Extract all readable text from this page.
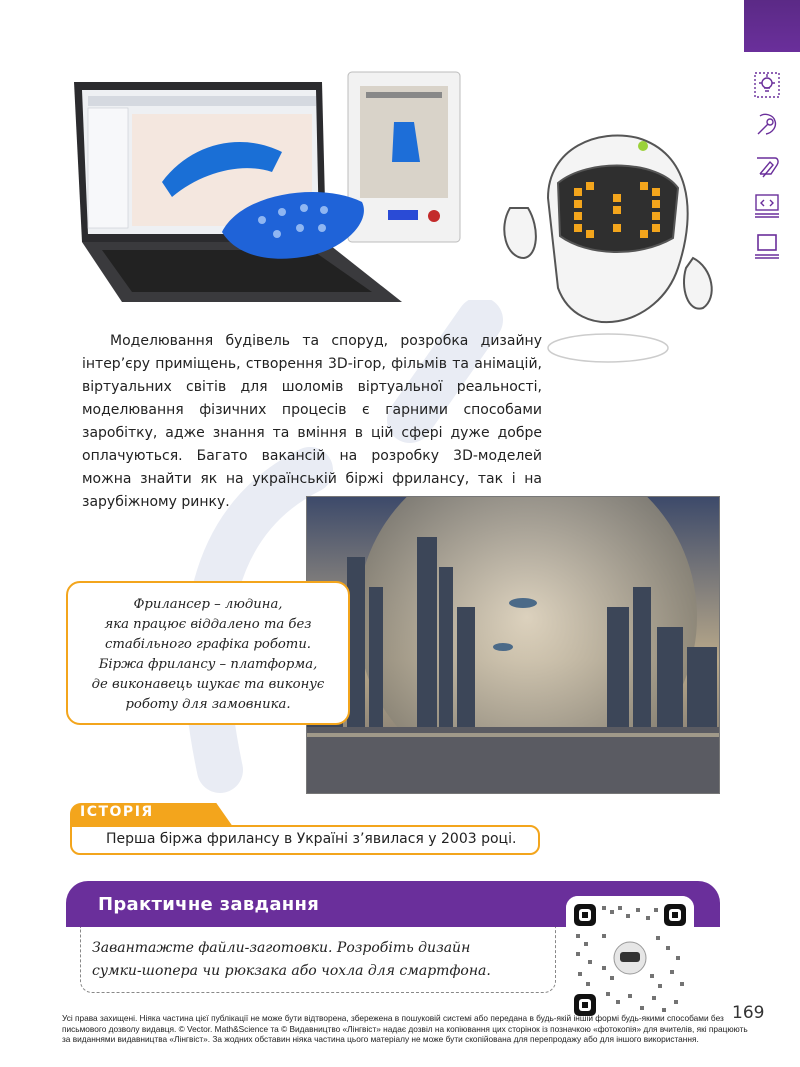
Моделювання будівель та споруд, розробка дизайну інтер’єру приміщень, створення 3D-ігор, фільмів та анімацій, віртуальних світів для шоломів віртуальної реальності, моделювання фізичних процесів є гарними способами заробітку, адже знання та вміння в цій сфері дуже добре оплачуються. Багато вакансій на розробку 3D-моделей можна знайти як на українській біржі фрилансу, так і на зарубіжному ринку.
Фрилансер – людина,
яка працює віддалено та без
стабільного графіка роботи.
Біржа фрилансу – платформа,
де виконавець шукає та виконує
роботу для замовника.
ІСТОРІЯ
Перша біржа фрилансу в Україні з’явилася у 2003 році.
Практичне завдання
Завантажте файли-заготовки. Розробіть дизайн
сумки-шопера чи рюкзака або чохла для смартфона.
169
Усі права захищені. Ніяка частина цієї публікації не може бути відтворена, збережена в пошуковій системі або передана в будь-якій іншій формі будь-якими способами без письмового дозволу видавця. © Vector. Math&Science та © Видавництво «Лінгвіст» надає дозвіл на копіювання цих сторінок із позначкою «фотокопія» для вчителів, які працюють за виданнями видавництва «Лінгвіст». За жодних обставин ніяка частина цього матеріалу не може бути скопійована для перепродажу або для іншого використання.
